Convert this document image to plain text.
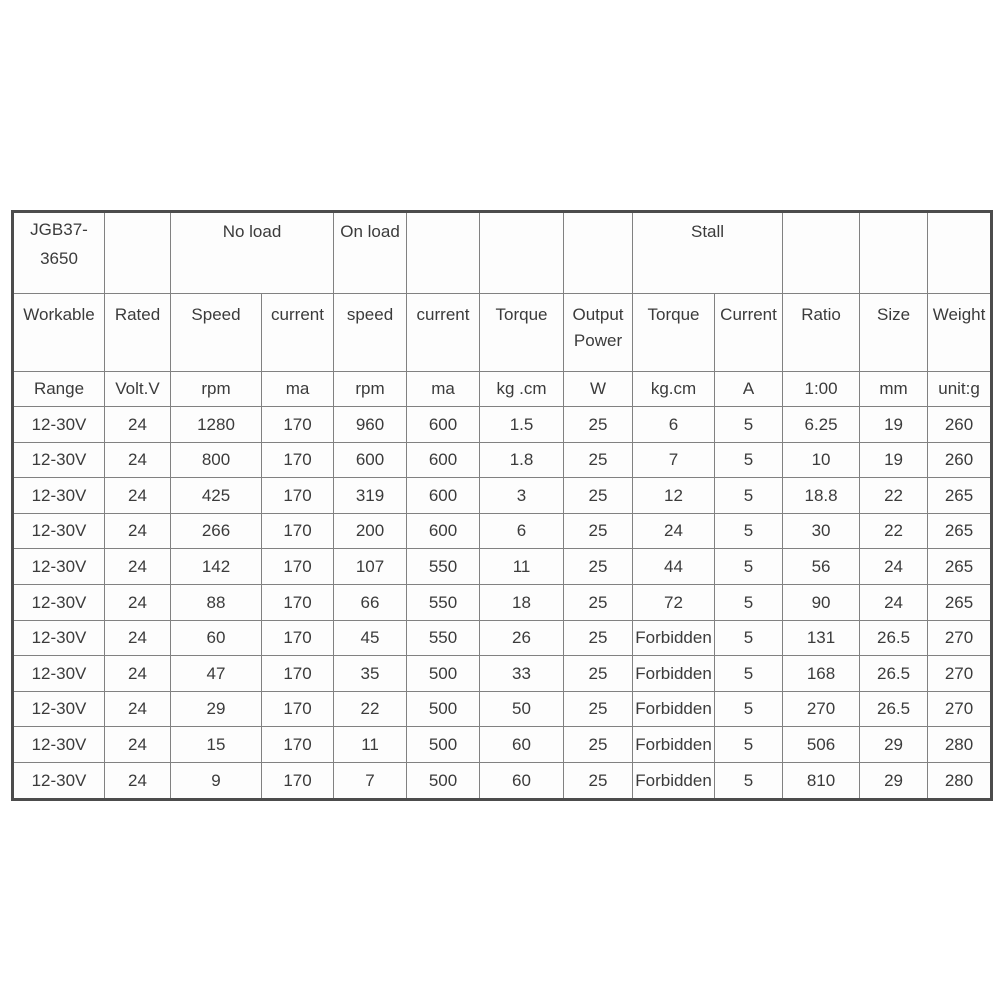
JGB37-
3650		No load		On load				Stall				
Workable	Rated	Speed	current	speed	current	Torque	Output Power	Torque	Current	Ratio	Size	Weight
Range	Volt.V	rpm	ma	rpm	ma	kg .cm	W	kg.cm	A	1:00	mm	unit:g
12-30V	24	1280	170	960	600	1.5	25	6	5	6.25	19	260
12-30V	24	800	170	600	600	1.8	25	7	5	10	19	260
12-30V	24	425	170	319	600	3	25	12	5	18.8	22	265
12-30V	24	266	170	200	600	6	25	24	5	30	22	265
12-30V	24	142	170	107	550	11	25	44	5	56	24	265
12-30V	24	88	170	66	550	18	25	72	5	90	24	265
12-30V	24	60	170	45	550	26	25	Forbidden	5	131	26.5	270
12-30V	24	47	170	35	500	33	25	Forbidden	5	168	26.5	270
12-30V	24	29	170	22	500	50	25	Forbidden	5	270	26.5	270
12-30V	24	15	170	11	500	60	25	Forbidden	5	506	29	280
12-30V	24	9	170	7	500	60	25	Forbidden	5	810	29	280
